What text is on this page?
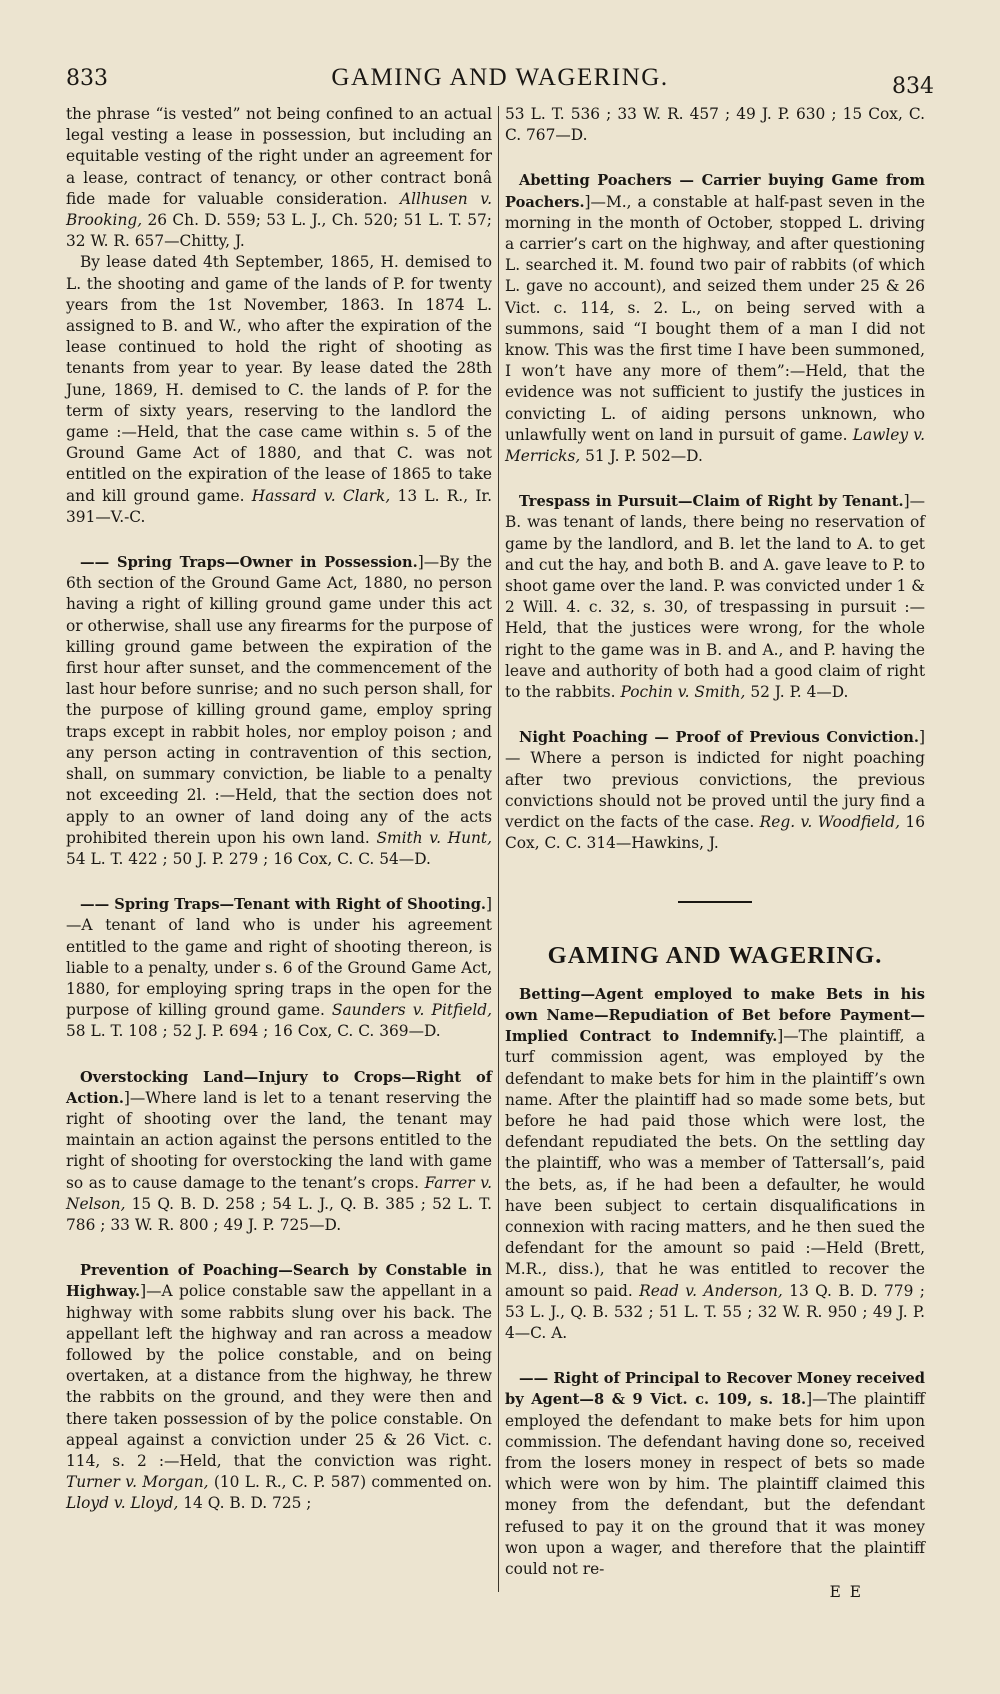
833	GAMING AND WAGERING.	834

the phrase “is vested” not being confined to an actual legal vesting a lease in possession, but including an equitable vesting of the right under an agreement for a lease, contract of tenancy, or other contract bonâ fide made for valuable consideration. Allhusen v. Brooking, 26 Ch. D. 559; 53 L. J., Ch. 520; 51 L. T. 57; 32 W. R. 657—Chitty, J.

By lease dated 4th September, 1865, H. demised to L. the shooting and game of the lands of P. for twenty years from the 1st November, 1863. In 1874 L. assigned to B. and W., who after the expiration of the lease continued to hold the right of shooting as tenants from year to year. By lease dated the 28th June, 1869, H. demised to C. the lands of P. for the term of sixty years, reserving to the landlord the game :—Held, that the case came within s. 5 of the Ground Game Act of 1880, and that C. was not entitled on the expiration of the lease of 1865 to take and kill ground game. Hassard v. Clark, 13 L. R., Ir. 391—V.-C.

—— Spring Traps—Owner in Possession.]—By the 6th section of the Ground Game Act, 1880, no person having a right of killing ground game under this act or otherwise, shall use any firearms for the purpose of killing ground game between the expiration of the first hour after sunset, and the commencement of the last hour before sunrise; and no such person shall, for the purpose of killing ground game, employ spring traps except in rabbit holes, nor employ poison ; and any person acting in contravention of this section, shall, on summary conviction, be liable to a penalty not exceeding 2l. :—Held, that the section does not apply to an owner of land doing any of the acts prohibited therein upon his own land. Smith v. Hunt, 54 L. T. 422 ; 50 J. P. 279 ; 16 Cox, C. C. 54—D.

—— Spring Traps—Tenant with Right of Shooting.]—A tenant of land who is under his agreement entitled to the game and right of shooting thereon, is liable to a penalty, under s. 6 of the Ground Game Act, 1880, for employing spring traps in the open for the purpose of killing ground game. Saunders v. Pitfield, 58 L. T. 108 ; 52 J. P. 694 ; 16 Cox, C. C. 369—D.

Overstocking Land—Injury to Crops—Right of Action.]—Where land is let to a tenant reserving the right of shooting over the land, the tenant may maintain an action against the persons entitled to the right of shooting for overstocking the land with game so as to cause damage to the tenant’s crops. Farrer v. Nelson, 15 Q. B. D. 258 ; 54 L. J., Q. B. 385 ; 52 L. T. 786 ; 33 W. R. 800 ; 49 J. P. 725—D.

Prevention of Poaching—Search by Constable in Highway.]—A police constable saw the appellant in a highway with some rabbits slung over his back. The appellant left the highway and ran across a meadow followed by the police constable, and on being overtaken, at a distance from the highway, he threw the rabbits on the ground, and they were then and there taken possession of by the police constable. On appeal against a conviction under 25 & 26 Vict. c. 114, s. 2 :—Held, that the conviction was right. Turner v. Morgan, (10 L. R., C. P. 587) commented on. Lloyd v. Lloyd, 14 Q. B. D. 725 ;

53 L. T. 536 ; 33 W. R. 457 ; 49 J. P. 630 ; 15 Cox, C. C. 767—D.

Abetting Poachers — Carrier buying Game from Poachers.]—M., a constable at half-past seven in the morning in the month of October, stopped L. driving a carrier’s cart on the highway, and after questioning L. searched it. M. found two pair of rabbits (of which L. gave no account), and seized them under 25 & 26 Vict. c. 114, s. 2. L., on being served with a summons, said “I bought them of a man I did not know. This was the first time I have been summoned, I won’t have any more of them”:—Held, that the evidence was not sufficient to justify the justices in convicting L. of aiding persons unknown, who unlawfully went on land in pursuit of game. Lawley v. Merricks, 51 J. P. 502—D.

Trespass in Pursuit—Claim of Right by Tenant.]—B. was tenant of lands, there being no reservation of game by the landlord, and B. let the land to A. to get and cut the hay, and both B. and A. gave leave to P. to shoot game over the land. P. was convicted under 1 & 2 Will. 4. c. 32, s. 30, of trespassing in pursuit :—Held, that the justices were wrong, for the whole right to the game was in B. and A., and P. having the leave and authority of both had a good claim of right to the rabbits. Pochin v. Smith, 52 J. P. 4—D.

Night Poaching — Proof of Previous Conviction.] — Where a person is indicted for night poaching after two previous convictions, the previous convictions should not be proved until the jury find a verdict on the facts of the case. Reg. v. Woodfield, 16 Cox, C. C. 314—Hawkins, J.

GAMING AND WAGERING.

Betting—Agent employed to make Bets in his own Name—Repudiation of Bet before Payment—Implied Contract to Indemnify.]—The plaintiff, a turf commission agent, was employed by the defendant to make bets for him in the plaintiff’s own name. After the plaintiff had so made some bets, but before he had paid those which were lost, the defendant repudiated the bets. On the settling day the plaintiff, who was a member of Tattersall’s, paid the bets, as, if he had been a defaulter, he would have been subject to certain disqualifications in connexion with racing matters, and he then sued the defendant for the amount so paid :—Held (Brett, M.R., diss.), that he was entitled to recover the amount so paid. Read v. Anderson, 13 Q. B. D. 779 ; 53 L. J., Q. B. 532 ; 51 L. T. 55 ; 32 W. R. 950 ; 49 J. P. 4—C. A.

—— Right of Principal to Recover Money received by Agent—8 & 9 Vict. c. 109, s. 18.]—The plaintiff employed the defendant to make bets for him upon commission. The defendant having done so, received from the losers money in respect of bets so made which were won by him. The plaintiff claimed this money from the defendant, but the defendant refused to pay it on the ground that it was money won upon a wager, and therefore that the plaintiff could not re-

E E
